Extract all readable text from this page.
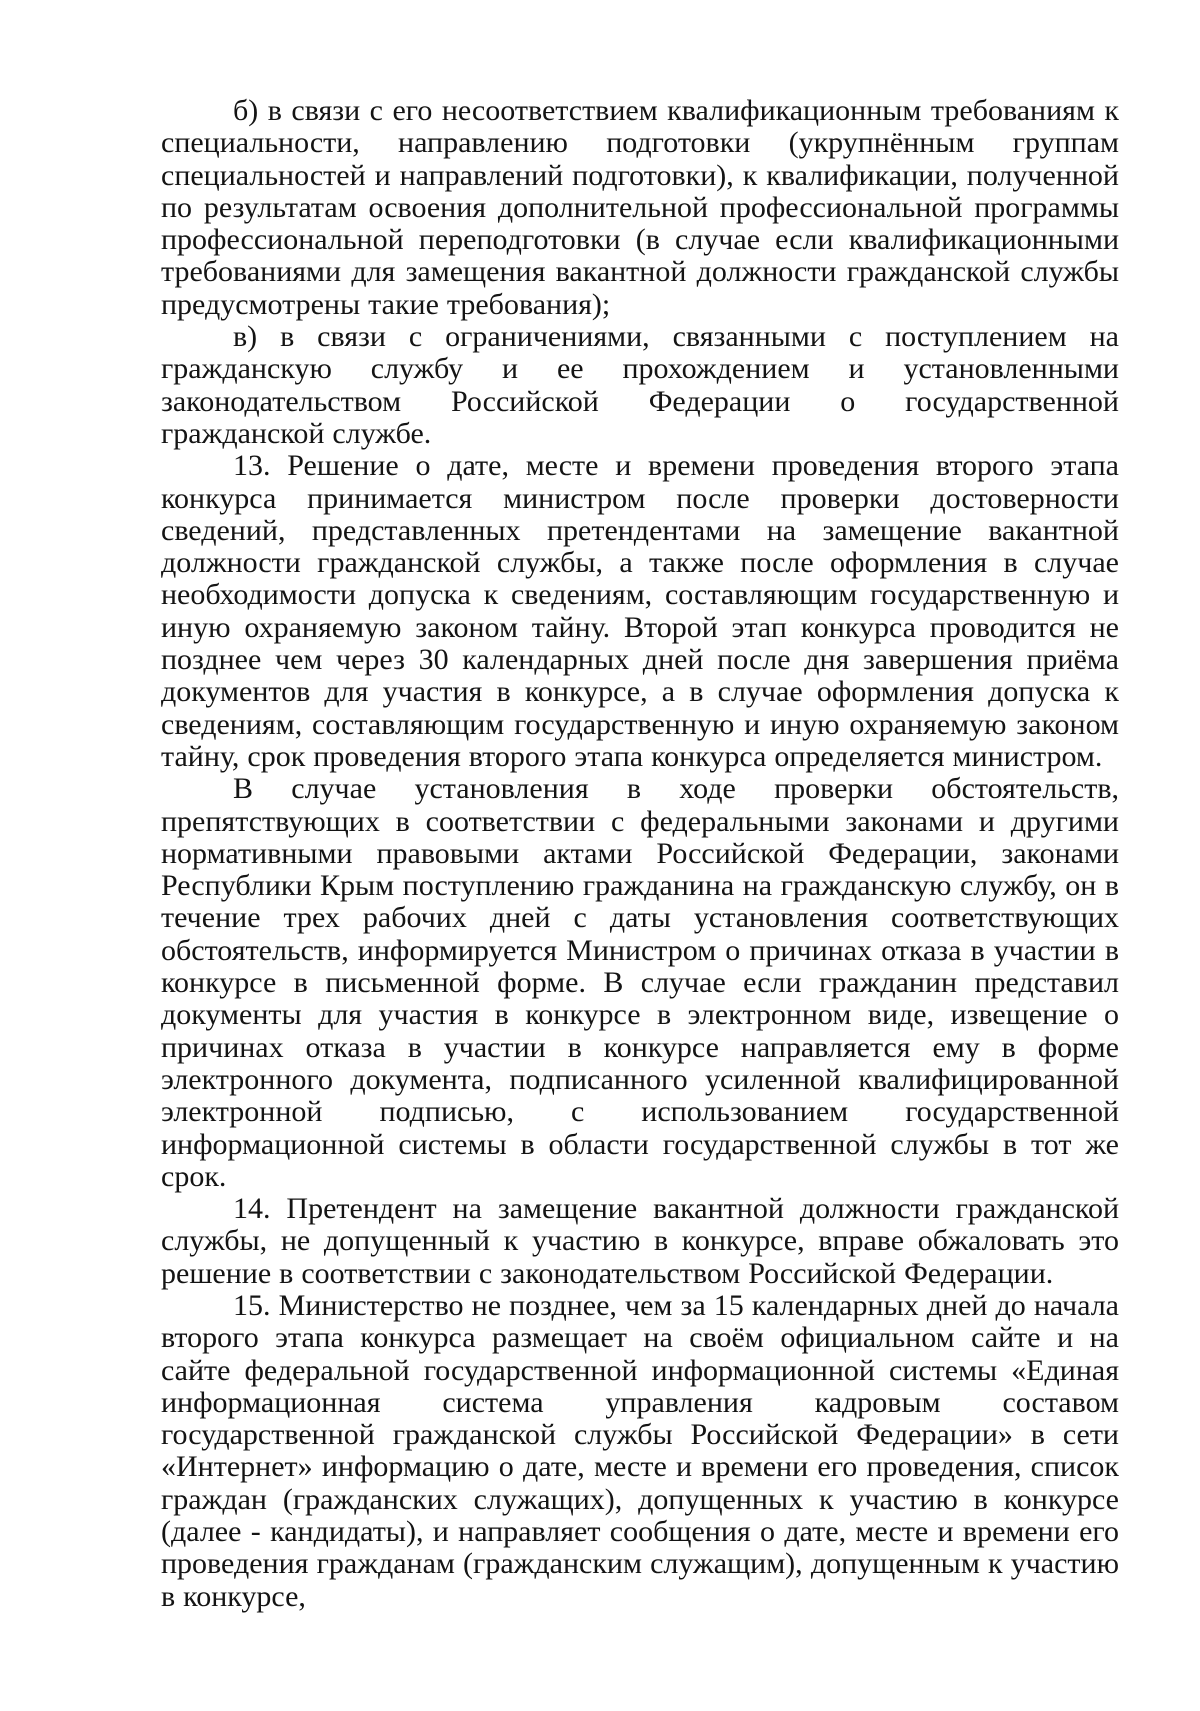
б) в связи с его несоответствием квалификационным требованиям к специальности, направлению подготовки (укрупнённым группам специальностей и направлений подготовки), к квалификации, полученной по результатам освоения дополнительной профессиональной программы профессиональной переподготовки (в случае если квалификационными требованиями для замещения вакантной должности гражданской службы предусмотрены такие требования);

в) в связи с ограничениями, связанными с поступлением на гражданскую службу и ее прохождением и установленными законодательством Российской Федерации о государственной гражданской службе.

13. Решение о дате, месте и времени проведения второго этапа конкурса принимается министром после проверки достоверности сведений, представленных претендентами на замещение вакантной должности гражданской службы, а также после оформления в случае необходимости допуска к сведениям, составляющим государственную и иную охраняемую законом тайну. Второй этап конкурса проводится не позднее чем через 30 календарных дней после дня завершения приёма документов для участия в конкурсе, а в случае оформления допуска к сведениям, составляющим государственную и иную охраняемую законом тайну, срок проведения второго этапа конкурса определяется министром.

В случае установления в ходе проверки обстоятельств, препятствующих в соответствии с федеральными законами и другими нормативными правовыми актами Российской Федерации, законами Республики Крым поступлению гражданина на гражданскую службу, он в течение трех рабочих дней с даты установления соответствующих обстоятельств, информируется Министром о причинах отказа в участии в конкурсе в письменной форме. В случае если гражданин представил документы для участия в конкурсе в электронном виде, извещение о причинах отказа в участии в конкурсе направляется ему в форме электронного документа, подписанного усиленной квалифицированной электронной подписью, с использованием государственной информационной системы в области государственной службы в тот же срок.

14. Претендент на замещение вакантной должности гражданской службы, не допущенный к участию в конкурсе, вправе обжаловать это решение в соответствии с законодательством Российской Федерации.

15. Министерство не позднее, чем за 15 календарных дней до начала второго этапа конкурса размещает на своём официальном сайте и на сайте федеральной государственной информационной системы «Единая информационная система управления кадровым составом государственной гражданской службы Российской Федерации» в сети «Интернет» информацию о дате, месте и времени его проведения, список граждан (гражданских служащих), допущенных к участию в конкурсе (далее - кандидаты), и направляет сообщения о дате, месте и времени его проведения гражданам (гражданским служащим), допущенным к участию в конкурсе,
